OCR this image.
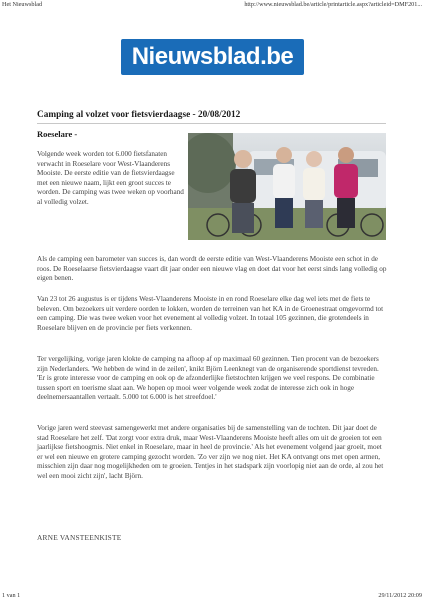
Het Nieuwsblad	http://www.nieuwsblad.be/article/printarticle.aspx?articleid=DMF201...
Nieuwsblad.be
Camping al volzet voor fietsvierdaagse - 20/08/2012
Roeselare -
Volgende week worden tot 6.000 fietsfanaten verwacht in Roeselare voor West-Vlaanderens Mooiste. De eerste editie van de fietsvierdaagse met een nieuwe naam, lijkt een groot succes te worden. De camping was twee weken op voorhand al volledig volzet.
Als de camping een barometer van succes is, dan wordt de eerste editie van West-Vlaanderens Mooiste een schot in de roos. De Roeselaarse fietsvierdaagse vaart dit jaar onder een nieuwe vlag en doet dat voor het eerst sinds lang volledig op eigen benen.
Van 23 tot 26 augustus is er tijdens West-Vlaanderens Mooiste in en rond Roeselare elke dag wel iets met de fiets te beleven. Om bezoekers uit verdere oorden te lokken, worden de terreinen van het KA in de Groenestraat omgevormd tot een camping. Die was twee weken voor het evenement al volledig volzet. In totaal 105 gezinnen, die grotendeels in Roeselare blijven en de provincie per fiets verkennen.
Ter vergelijking, vorige jaren klokte de camping na afloop af op maximaal 60 gezinnen. Tien procent van de bezoekers zijn Nederlanders. 'We hebben de wind in de zeilen', knikt Björn Leenknegt van de organiserende sportdienst tevreden. 'Er is grote interesse voor de camping en ook op de afzonderlijke fietstochten krijgen we veel respons. De combinatie tussen sport en toerisme slaat aan. We hopen op mooi weer volgende week zodat de interesse zich ook in hoge deelnemersaantallen vertaalt. 5.000 tot 6.000 is het streefdoel.'
Vorige jaren werd steevast samengewerkt met andere organisaties bij de samenstelling van de tochten. Dit jaar doet de stad Roeselare het zelf. 'Dat zorgt voor extra druk, maar West-Vlaanderens Mooiste heeft alles om uit de groeien tot een jaarlijkse fietshoogmis. Niet enkel in Roeselare, maar in heel de provincie.' Als het evenement volgend jaar groeit, moet er wel een nieuwe en grotere camping gezocht worden. 'Zo ver zijn we nog niet. Het KA ontvangt ons met open armen, misschien zijn daar nog mogelijkheden om te groeien. Tentjes in het stadspark zijn voorlopig niet aan de orde, al zou het wel een mooi zicht zijn', lacht Björn.
ARNE VANSTEENKISTE
1 van 1	29/11/2012 20:09
